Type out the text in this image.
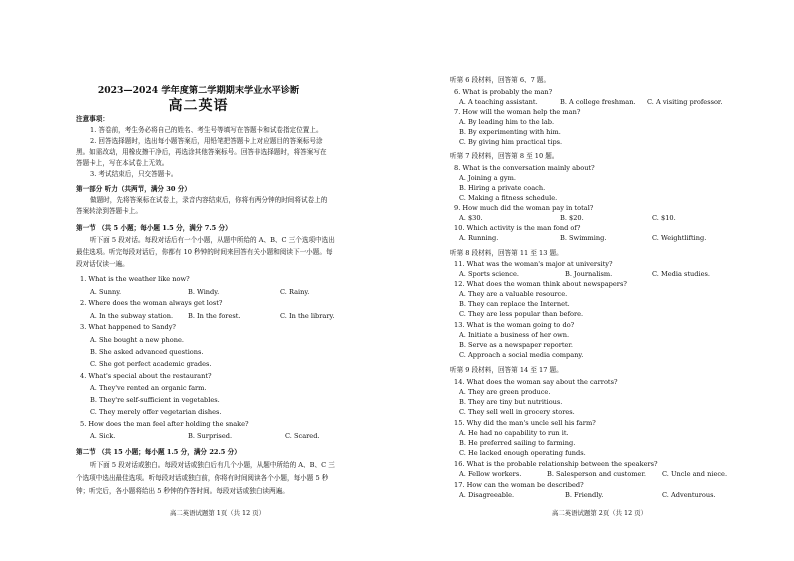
2023—2024 学年度第二学期期末学业水平诊断
高二英语
注意事项：
1. 答卷前，考生务必将自己的姓名、考生号等填写在答题卡和试卷指定位置上。
2. 回答选择题时，选出每小题答案后，用铅笔把答题卡上对应题目的答案标号涂
黑。如需改动，用橡皮擦干净后，再选涂其他答案标号。回答非选择题时，将答案写在
答题卡上，写在本试卷上无效。
3. 考试结束后，只交答题卡。
第一部分 听力（共两节，满分 30 分）
做题时，先将答案标在试卷上，录音内容结束后，你将有两分钟的时间将试卷上的
答案转涂到答题卡上。
第一节 （共 5 小题；每小题 1.5 分，满分 7.5 分）
听下面 5 段对话。每段对话后有一个小题，从题中所给的 A、B、C 三个选项中选出
最佳选项。听完每段对话后，你都有 10 秒钟的时间来回答有关小题和阅读下一小题。每
段对话仅读一遍。
1. What is the weather like now?
A. Sunny.	B. Windy.	C. Rainy.
2. Where does the woman always get lost?
A. In the subway station. B. In the forest.	C. In the library.
3. What happened to Sandy?
A. She bought a new phone.
B. She asked advanced questions.
C. She got perfect academic grades.
4. What's special about the restaurant?
A. They've rented an organic farm.
B. They're self-sufficient in vegetables.
C. They merely offer vegetarian dishes.
5. How does the man feel after holding the snake?
A. Sick.	B. Surprised.	C. Scared.
第二节 （共 15 小题；每小题 1.5 分，满分 22.5 分）
听下面 5 段对话或独白。每段对话或独白后有几个小题，从题中所给的 A、B、C 三
个选项中选出最佳选项。听每段对话或独白前，你将有时间阅读各个小题，每小题 5 秒
钟；听完后，各小题将给出 5 秒钟的作答时间。每段对话或独白读两遍。
高二英语试题第 1页（共 12 页）
听第 6 段材料，回答第 6、7 题。
6. What is probably the man?
A. A teaching assistant.	B. A college freshman. C. A visiting professor.
7. How will the woman help the man?
A. By leading him to the lab.
B. By experimenting with him.
C. By giving him practical tips.
听第 7 段材料，回答第 8 至 10 题。
8. What is the conversation mainly about?
A. Joining a gym.
B. Hiring a private coach.
C. Making a fitness schedule.
9. How much did the woman pay in total?
A. $30.	B. $20.	C. $10.
10. Which activity is the man fond of?
A. Running.	B. Swimming.	C. Weightlifting.
听第 8 段材料，回答第 11 至 13 题。
11. What was the woman's major at university?
A. Sports science.	B. Journalism.	C. Media studies.
12. What does the woman think about newspapers?
A. They are a valuable resource.
B. They can replace the Internet.
C. They are less popular than before.
13. What is the woman going to do?
A. Initiate a business of her own.
B. Serve as a newspaper reporter.
C. Approach a social media company.
听第 9 段材料，回答第 14 至 17 题。
14. What does the woman say about the carrots?
A. They are green produce.
B. They are tiny but nutritious.
C. They sell well in grocery stores.
15. Why did the man's uncle sell his farm?
A. He had no capability to run it.
B. He preferred sailing to farming.
C. He lacked enough operating funds.
16. What is the probable relationship between the speakers?
A. Fellow workers.	B. Salesperson and customer. C. Uncle and niece.
17. How can the woman be described?
A. Disagreeable.	B. Friendly.	C. Adventurous.
高二英语试题第 2页（共 12 页）
